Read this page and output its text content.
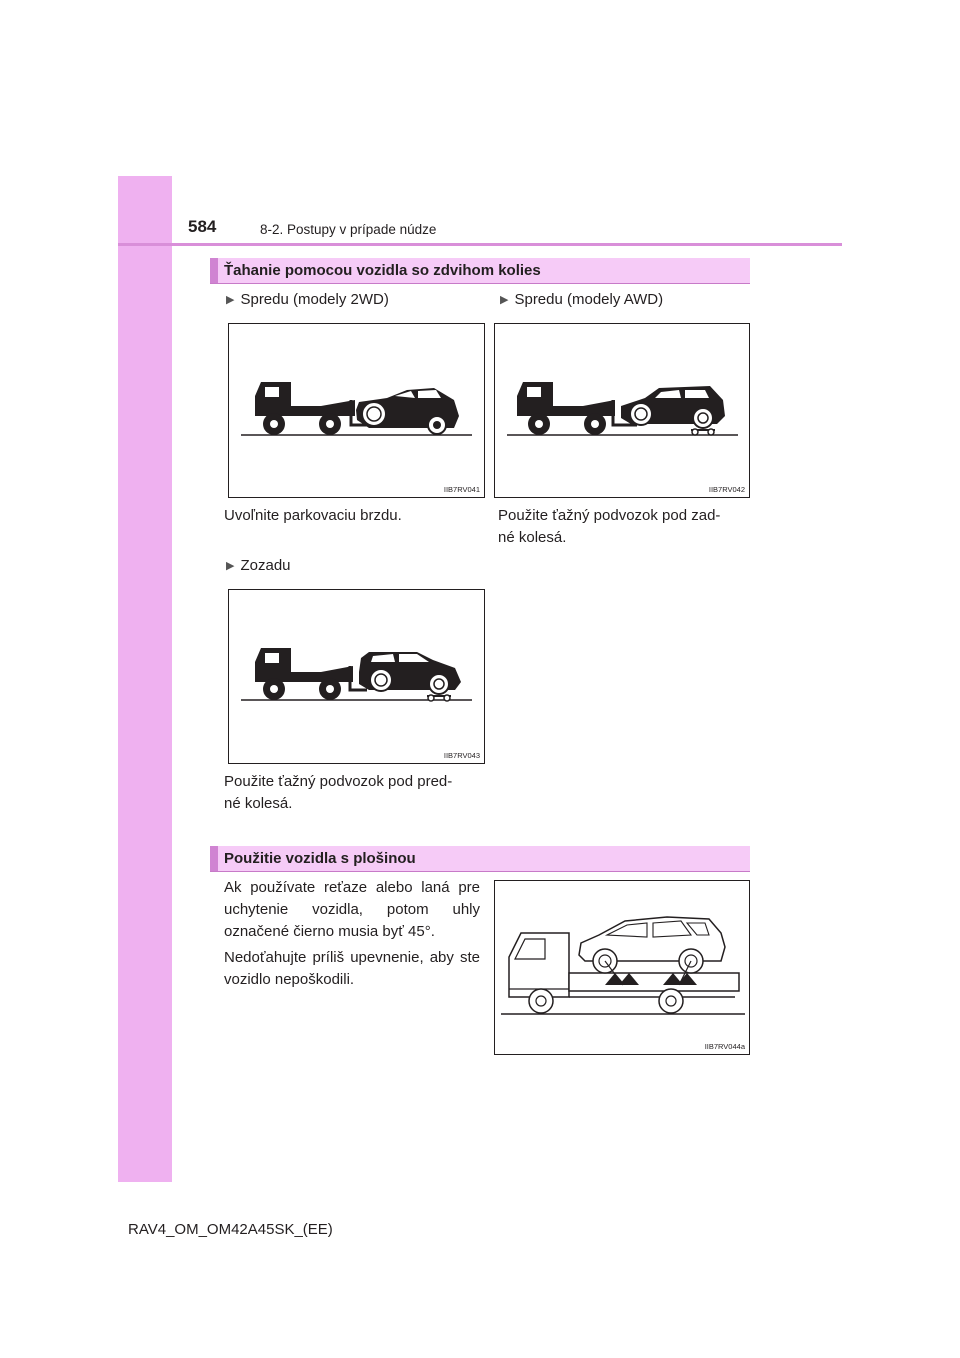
584	8-2. Postupy v prípade núdze
Ťahanie pomocou vozidla so zdvihom kolies
▶ Spredu (modely 2WD)	▶ Spredu (modely AWD)
IIB7RV041	IIB7RV042
Uvoľnite parkovaciu brzdu.	Použite ťažný podvozok pod zad-
né kolesá.
▶ Zozadu
IIB7RV043
Použite ťažný podvozok pod pred-
né kolesá.
Použitie vozidla s plošinou
Ak používate reťaze alebo laná pre uchytenie vozidla, potom uhly označené čierno musia byť 45°.
Nedoťahujte príliš upevnenie, aby ste vozidlo nepoškodili.
IIB7RV044a
RAV4_OM_OM42A45SK_(EE)
